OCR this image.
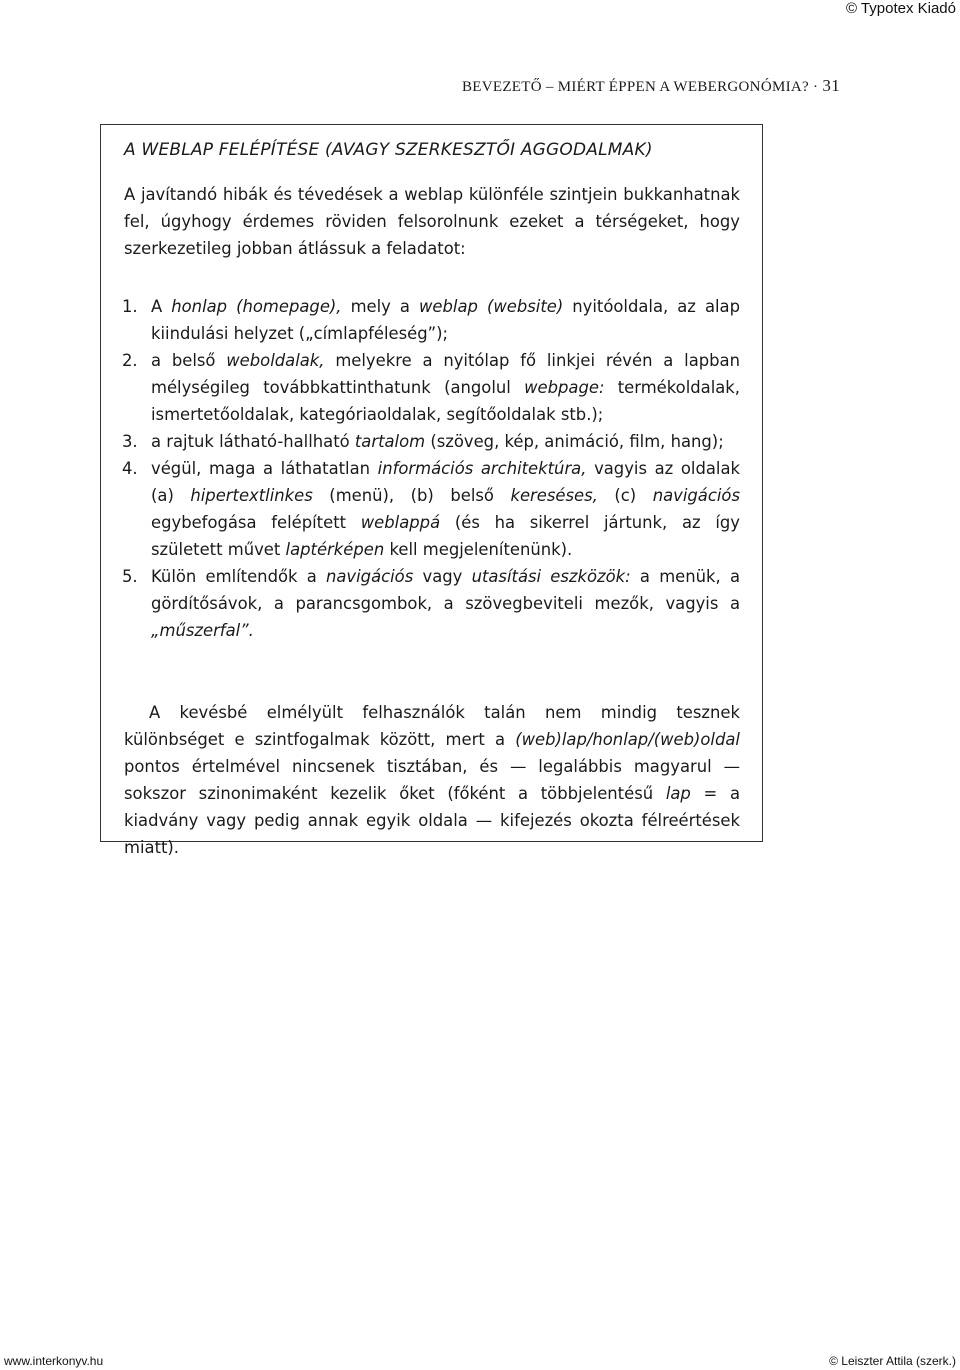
© Typotex Kiadó
BEVEZETŐ – MIÉRT ÉPPEN A WEBERGONÓMIA? · 31
A WEBLAP FELÉPÍTÉSE (AVAGY SZERKESZTŐI AGGODALMAK)
A javítandó hibák és tévedések a weblap különféle szintjein bukkanhatnak fel, úgyhogy érdemes röviden felsorolnunk ezeket a térségeket, hogy szerkezetileg jobban átlássuk a feladatot:
1. A honlap (homepage), mely a weblap (website) nyitóoldala, az alap kiindulási helyzet („címlapféleség”);
2. a belső weboldalak, melyekre a nyitólap fő linkjei révén a lapban mélységileg továbbkattinthatunk (angolul webpage: termékoldalak, ismertetőoldalak, kategóriaoldalak, segítőoldalak stb.);
3. a rajtuk látható-hallható tartalom (szöveg, kép, animáció, film, hang);
4. végül, maga a láthatatlan információs architektúra, vagyis az oldalak (a) hipertextlinkes (menü), (b) belső kereséses, (c) navigációs egybefogása felépített weblappá (és ha sikerrel jártunk, az így született művet laptérképen kell megjelenítenünk).
5. Külön említendők a navigációs vagy utasítási eszközök: a menük, a gördítősávok, a parancsgombok, a szövegbeviteli mezők, vagyis a „műszerfal”.
A kevésbé elmélyült felhasználók talán nem mindig tesznek különbséget e szintfogalmak között, mert a (web)lap/honlap/(web)oldal pontos értelmével nincsenek tisztában, és — legalábbis magyarul — sokszor szinonimaként kezelik őket (főként a többjelentésű lap = a kiadvány vagy pedig annak egyik oldala — kifejezés okozta félreértések miatt).
www.interkonyv.hu	© Leiszter Attila (szerk.)
